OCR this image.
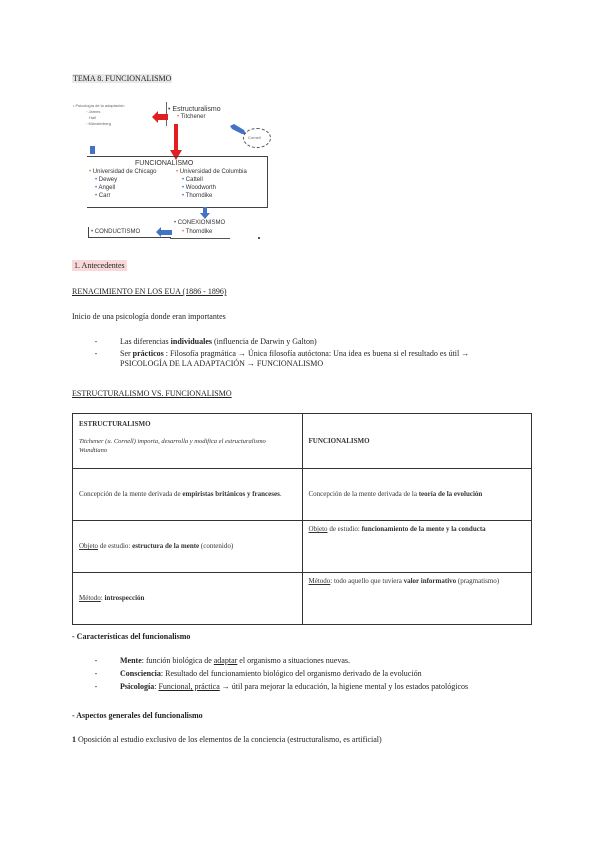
TEMA 8. FUNCIONALISMO
• Psicología de la adaptación
◦ James
Hall
◦ Münsterberg
• Estructuralismo
• Titchener
Cornell
FUNCIONALISMO
• Universidad de Chicago
• Dewey
• Angell
• Carr
• Universidad de Columbia
• Cattell
• Woodworth
• Thorndike
• CONEXIONISMO
• Thorndike
• CONDUCTISMO
1. Antecedentes
RENACIMIENTO EN LOS EUA (1886 - 1896)
Inicio de una psicología donde eran importantes
-	Las diferencias individuales (influencia de Darwin y Galton)
-	Ser prácticos : Filosofía pragmática → Única filosofía autóctona: Una idea es buena si el resultado es útil →
PSICOLOGÍA DE LA ADAPTACIÓN → FUNCIONALISMO
ESTRUCTURALISMO VS. FUNCIONALISMO
ESTRUCTURALISMO
Titchener (u. Cornell) importa, desarrolla y modifica el estructuralismo Wundtiano	FUNCIONALISMO

Concepción de la mente derivada de empiristas británicos y franceses.	Concepción de la mente derivada de la teoría de la evolución
Objeto de estudio: estructura de la mente (contenido)	Objeto de estudio: funcionamiento de la mente y la conducta
Método: introspección	Método: todo aquello que tuviera valor informativo (pragmatismo)
- Características del funcionalismo
-	Mente: función biológica de adaptar el organismo a situaciones nuevas.
-	Consciencia: Resultado del funcionamiento biológico del organismo derivado de la evolución
-	Psicología: Funcional, práctica → útil para mejorar la educación, la higiene mental y los estados patológicos
- Aspectos generales del funcionalismo
1 Oposición al estudio exclusivo de los elementos de la conciencia (estructuralismo, es artificial)
